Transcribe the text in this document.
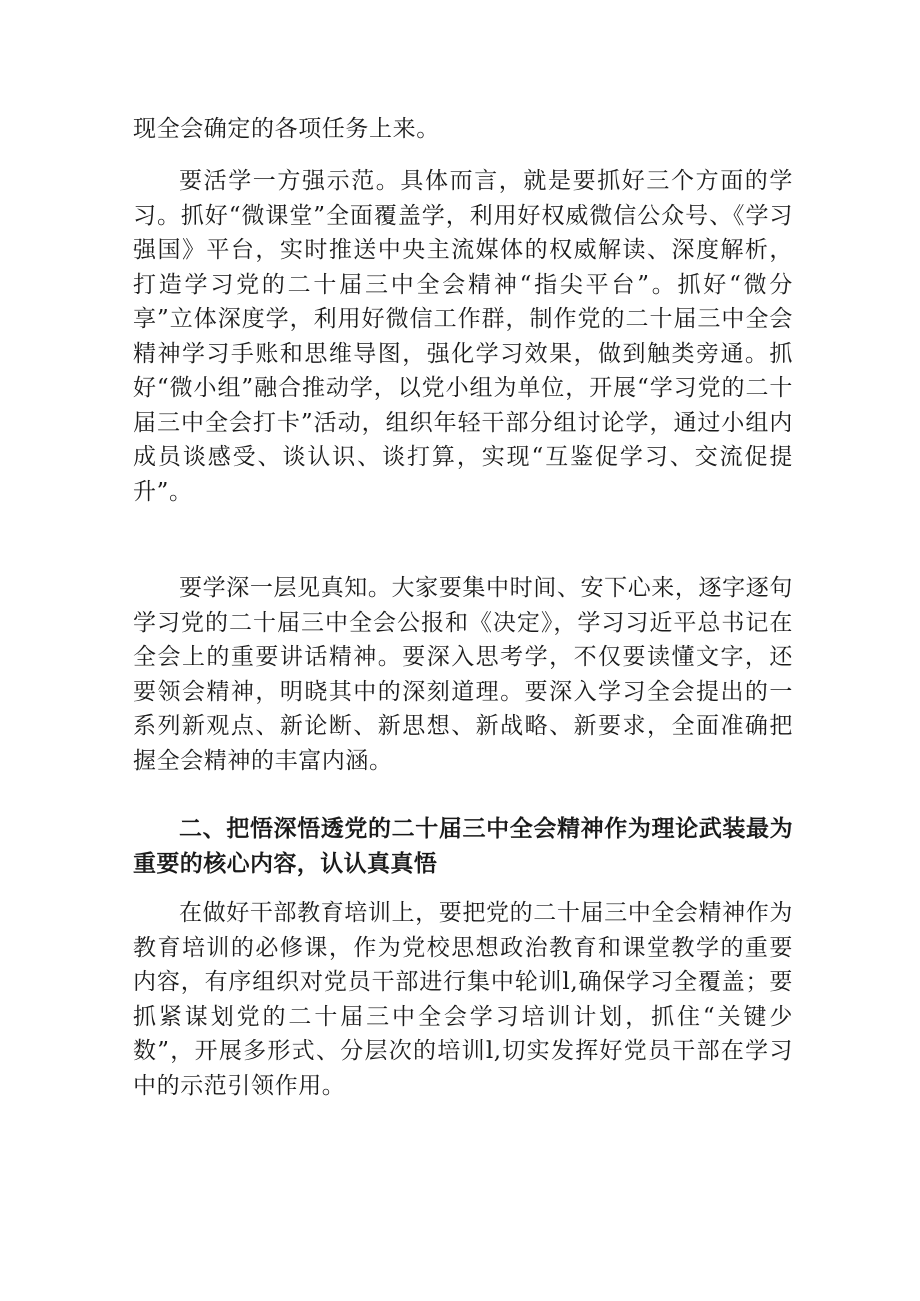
现全会确定的各项任务上来。

要活学一方强示范。具体而言，就是要抓好三个方面的学习。抓好“微课堂”全面覆盖学，利用好权威微信公众号、《学习强国》平台，实时推送中央主流媒体的权威解读、深度解析，打造学习党的二十届三中全会精神“指尖平台”。抓好“微分享”立体深度学，利用好微信工作群，制作党的二十届三中全会精神学习手账和思维导图，强化学习效果，做到触类旁通。抓好“微小组”融合推动学，以党小组为单位，开展“学习党的二十届三中全会打卡”活动，组织年轻干部分组讨论学，通过小组内成员谈感受、谈认识、谈打算，实现“互鉴促学习、交流促提升”。

要学深一层见真知。大家要集中时间、安下心来，逐字逐句学习党的二十届三中全会公报和《决定》，学习习近平总书记在全会上的重要讲话精神。要深入思考学，不仅要读懂文字，还要领会精神，明晓其中的深刻道理。要深入学习全会提出的一系列新观点、新论断、新思想、新战略、新要求，全面准确把握全会精神的丰富内涵。

二、把悟深悟透党的二十届三中全会精神作为理论武装最为重要的核心内容，认认真真悟

在做好干部教育培训上，要把党的二十届三中全会精神作为教育培训的必修课，作为党校思想政治教育和课堂教学的重要内容，有序组织对党员干部进行集中轮训l,确保学习全覆盖；要抓紧谋划党的二十届三中全会学习培训计划，抓住“关键少数”，开展多形式、分层次的培训l,切实发挥好党员干部在学习中的示范引领作用。
